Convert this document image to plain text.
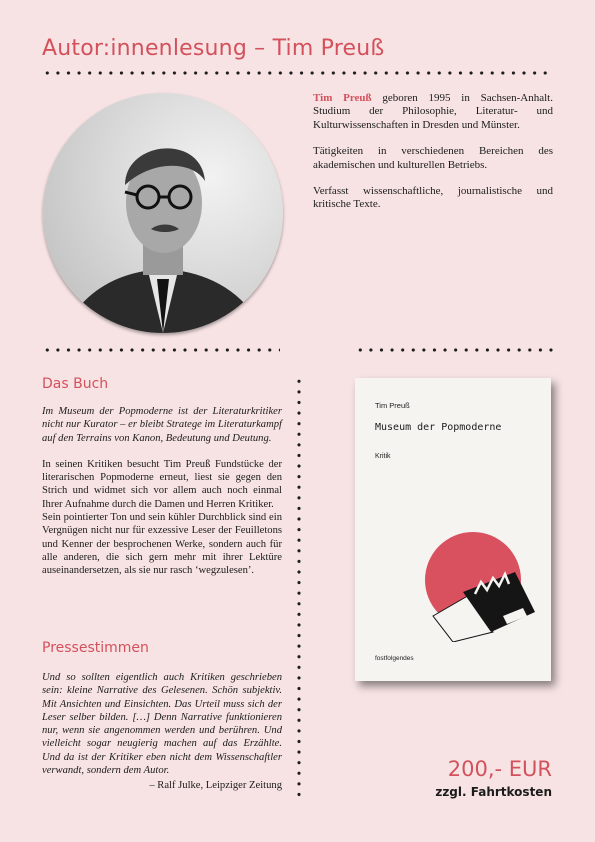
Autor:innenlesung – Tim Preuß

Tim Preuß geboren 1995 in Sachsen-Anhalt. Studium der Philosophie, Literatur- und Kulturwissenschaften in Dresden und Münster.

Tätigkeiten in verschiedenen Bereichen des akademischen und kulturellen Betriebs.

Verfasst wissenschaftliche, journalistische und kritische Texte.

Das Buch

Im Museum der Popmoderne ist der Literaturkritiker nicht nur Kurator – er bleibt Stratege im Literaturkampf auf den Terrains von Kanon, Bedeutung und Deutung.

In seinen Kritiken besucht Tim Preuß Fundstücke der literarischen Popmoderne erneut, liest sie gegen den Strich und widmet sich vor allem auch noch einmal Ihrer Aufnahme durch die Damen und Herren Kritiker.

Sein pointierter Ton und sein kühler Durchblick sind ein Vergnügen nicht nur für exzessive Leser der Feuilletons und Kenner der besprochenen Werke, sondern auch für alle anderen, die sich gern mehr mit ihrer Lektüre auseinandersetzen, als sie nur rasch ‘wegzulesen’.

Pressestimmen

Und so sollten eigentlich auch Kritiken geschrieben sein: kleine Narrative des Gelesenen. Schön subjektiv. Mit Ansichten und Einsichten. Das Urteil muss sich der Leser selber bilden. […] Denn Narrative funktionieren nur, wenn sie angenommen werden und berühren. Und vielleicht sogar neugierig machen auf das Erzählte. Und da ist der Kritiker eben nicht dem Wissenschaftler verwandt, sondern dem Autor.

– Ralf Julke, Leipziger Zeitung
Tim Preuß
Museum der Popmoderne
Kritik
fostfolgendes
200,- EUR
zzgl. Fahrtkosten
